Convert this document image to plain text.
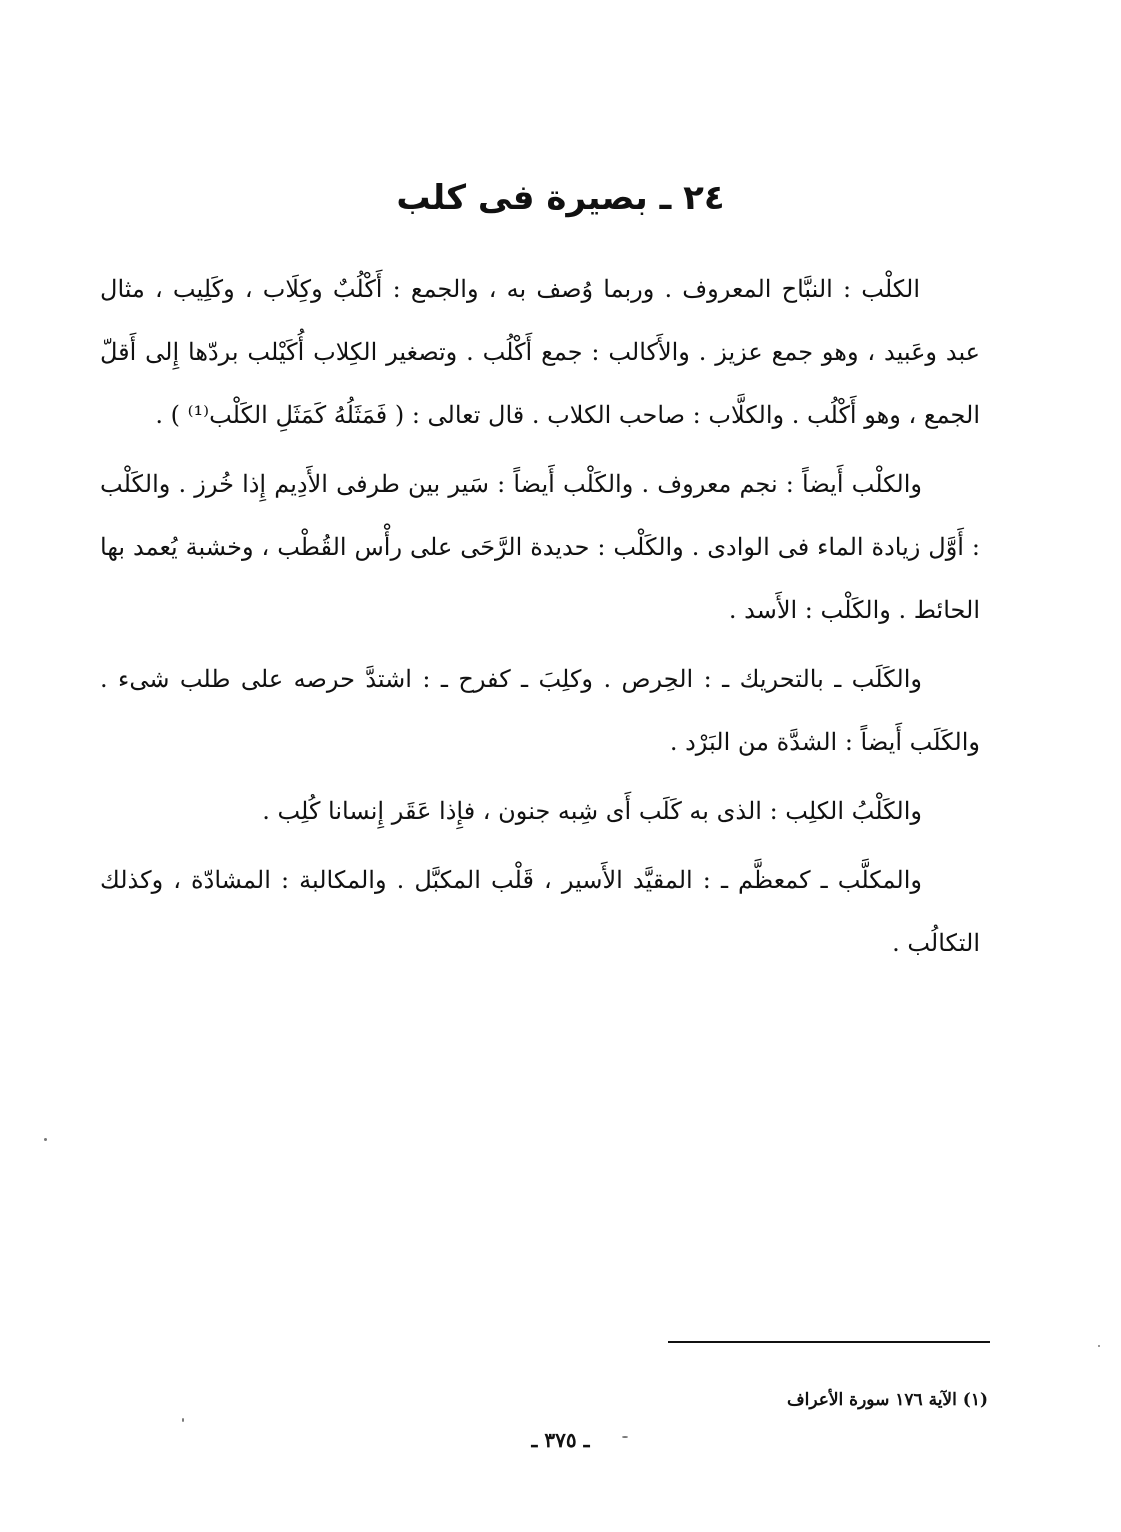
٢٤ ـ بصيرة فى كلب

الكلْب : النبَّاح المعروف . وربما وُصف به ، والجمع : أَكْلُبٌ وكِلَاب ، وكَلِيب ، مثال عبد وعَبيد ، وهو جمع عزيز . والأَكالب : جمع أَكْلُب . وتصغير الكِلاب أُكَيْلب بردّها إِلى أَقلّ الجمع ، وهو أَكْلُب . والكلَّاب : صاحب الكلاب . قال تعالى : ( فَمَثَلُهُ كَمَثَلِ الكَلْب⁽¹⁾ ) .

والكلْب أَيضاً : نجم معروف . والكَلْب أَيضاً : سَير بين طرفى الأَدِيم إِذا خُرز . والكَلْب : أَوَّل زيادة الماء فى الوادى . والكَلْب : حديدة الرَّحَى على رأْس القُطْب ، وخشبة يُعمد بها الحائط . والكَلْب : الأَسد .

والكَلَب ـ بالتحريك ـ : الحِرص . وكلِبَ ـ كفرح ـ : اشتدَّ حرصه على طلب شىء . والكَلَب أَيضاً : الشدَّة من البَرْد .

والكَلْبُ الكلِب : الذى به كَلَب أَى شِبه جنون ، فإِذا عَقَر إِنسانا كُلِب .

والمكلَّب ـ كمعظَّم ـ : المقيَّد الأَسير ، قَلْب المكبَّل . والمكالبة : المشادّة ، وكذلك التكالُب .

(١) الآية ١٧٦ سورة الأعراف
ـ ٣٧٥ ـ
